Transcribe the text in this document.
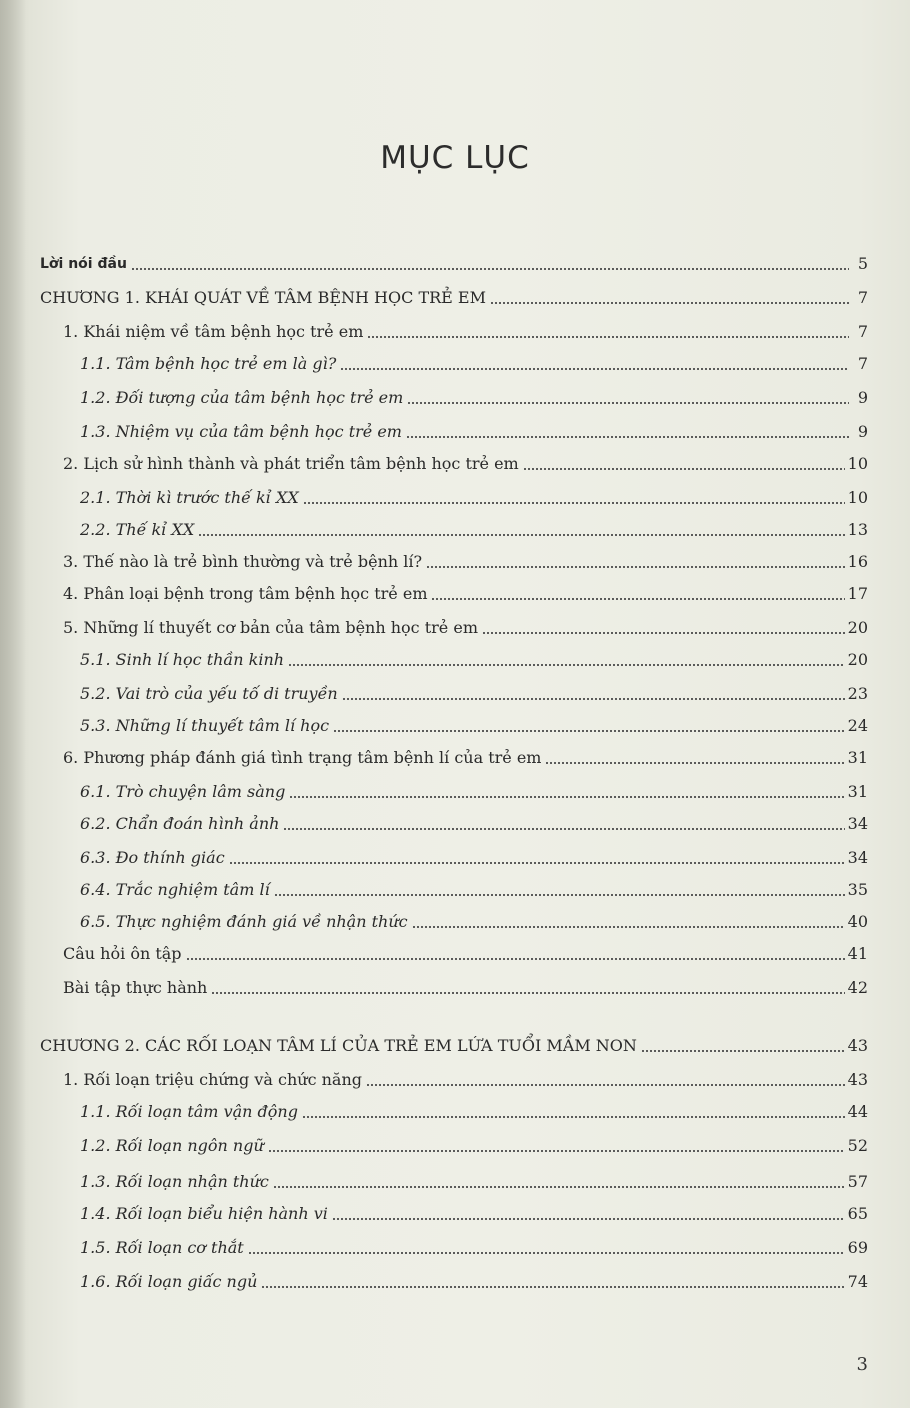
MỤC LỤC
Lời nói đầu	5
CHƯƠNG 1. KHÁI QUÁT VỀ TÂM BỆNH HỌC TRẺ EM	7
1. Khái niệm về tâm bệnh học trẻ em	7
1.1. Tâm bệnh học trẻ em là gì?	7
1.2. Đối tượng của tâm bệnh học trẻ em	9
1.3. Nhiệm vụ của tâm bệnh học trẻ em	9
2. Lịch sử hình thành và phát triển tâm bệnh học trẻ em	10
2.1. Thời kì trước thế kỉ XX	10
2.2. Thế kỉ XX	13
3. Thế nào là trẻ bình thường và trẻ bệnh lí?	16
4. Phân loại bệnh trong tâm bệnh học trẻ em	17
5. Những lí thuyết cơ bản của tâm bệnh học trẻ em	20
5.1. Sinh lí học thần kinh	20
5.2. Vai trò của yếu tố di truyền	23
5.3. Những lí thuyết tâm lí học	24
6. Phương pháp đánh giá tình trạng tâm bệnh lí của trẻ em	31
6.1. Trò chuyện lâm sàng	31
6.2. Chẩn đoán hình ảnh	34
6.3. Đo thính giác	34
6.4. Trắc nghiệm tâm lí	35
6.5. Thực nghiệm đánh giá về nhận thức	40
Câu hỏi ôn tập	41
Bài tập thực hành	42
CHƯƠNG 2. CÁC RỐI LOẠN TÂM LÍ CỦA TRẺ EM LỨA TUỔI MẦM NON	43
1. Rối loạn triệu chứng và chức năng	43
1.1. Rối loạn tâm vận động	44
1.2. Rối loạn ngôn ngữ	52
1.3. Rối loạn nhận thức	57
1.4. Rối loạn biểu hiện hành vi	65
1.5. Rối loạn cơ thắt	69
1.6. Rối loạn giấc ngủ	74
3
